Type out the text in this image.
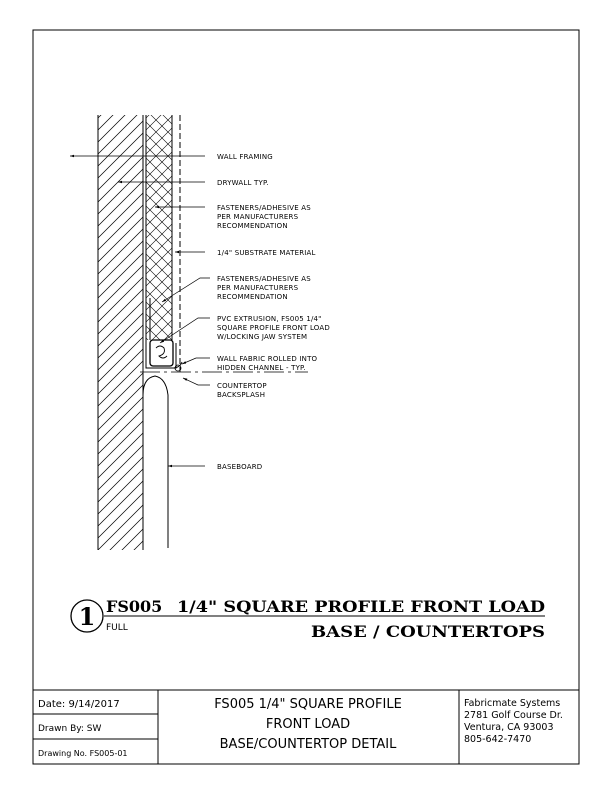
WALL FRAMING
DRYWALL TYP.
FASTENERS/ADHESIVE AS
PER MANUFACTURERS
RECOMMENDATION
1/4" SUBSTRATE MATERIAL
FASTENERS/ADHESIVE AS
PER MANUFACTURERS
RECOMMENDATION
PVC EXTRUSION, FS005 1/4"
SQUARE PROFILE FRONT LOAD
W/LOCKING JAW SYSTEM
WALL FABRIC ROLLED INTO
HIDDEN CHANNEL - TYP.
COUNTERTOP
BACKSPLASH
BASEBOARD
1 FS005 1/4" SQUARE PROFILE FRONT LOAD
BASE / COUNTERTOPS
FULL
Date: 9/14/2017
Drawn By: SW
Drawing No. FS005-01
FS005 1/4" SQUARE PROFILE
FRONT LOAD
BASE/COUNTERTOP DETAIL
Fabricmate Systems
2781 Golf Course Dr.
Ventura, CA 93003
805-642-7470
